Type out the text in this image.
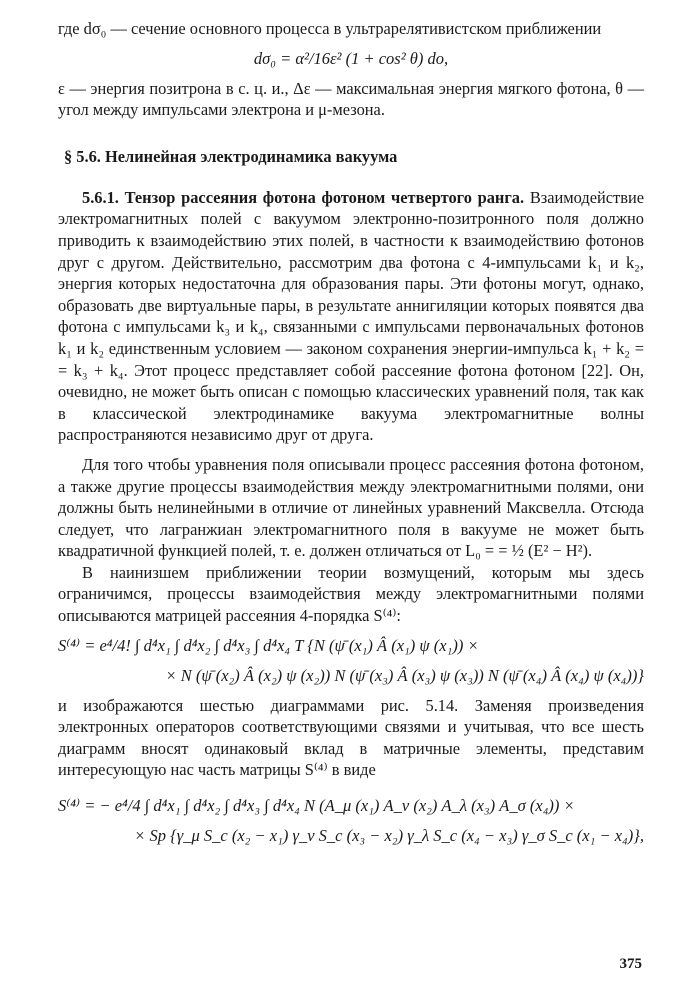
где dσ₀ — сечение основного процесса в ультрарелятивистском приближении

dσ₀ = α²/16ε² (1 + cos² θ) do,

ε — энергия позитрона в с. ц. и., Δε — максимальная энергия мягкого фотона, θ — угол между импульсами электрона и μ-мезона.

§ 5.6. Нелинейная электродинамика вакуума

5.6.1. Тензор рассеяния фотона фотоном четвертого ранга. Взаимодействие электромагнитных полей с вакуумом электронно-позитронного поля должно приводить к взаимодействию этих полей, в частности к взаимодействию фотонов друг с другом. Действительно, рассмотрим два фотона с 4-импульсами k₁ и k₂, энергия которых недостаточна для образования пары. Эти фотоны могут, однако, образовать две виртуальные пары, в результате аннигиляции которых появятся два фотона с импульсами k₃ и k₄, связанными с импульсами первоначальных фотонов k₁ и k₂ единственным условием — законом сохранения энергии-импульса k₁ + k₂ = = k₃ + k₄. Этот процесс представляет собой рассеяние фотона фотоном [22]. Он, очевидно, не может быть описан с помощью классических уравнений поля, так как в классической электродинамике вакуума электромагнитные волны распространяются независимо друг от друга.

Для того чтобы уравнения поля описывали процесс рассеяния фотона фотоном, а также другие процессы взаимодействия между электромагнитными полями, они должны быть нелинейными в отличие от линейных уравнений Максвелла. Отсюда следует, что лагранжиан электромагнитного поля в вакууме не может быть квадратичной функцией полей, т. е. должен отличаться от L₀ = = ½ (E² − H²).

В наинизшем приближении теории возмущений, которым мы здесь ограничимся, процессы взаимодействия между электромагнитными полями описываются матрицей рассеяния 4-порядка S⁽⁴⁾:

S⁽⁴⁾ = e⁴/4! ∫ d⁴x₁ ∫ d⁴x₂ ∫ d⁴x₃ ∫ d⁴x₄ T {N (ψ̄ (x₁) Â (x₁) ψ (x₁)) ×
× N (ψ̄ (x₂) Â (x₂) ψ (x₂)) N (ψ̄ (x₃) Â (x₃) ψ (x₃)) N (ψ̄ (x₄) Â (x₄) ψ (x₄))}

и изображаются шестью диаграммами рис. 5.14. Заменяя произведения электронных операторов соответствующими связями и учитывая, что все шесть диаграмм вносят одинаковый вклад в матричные элементы, представим интересующую нас часть матрицы S⁽⁴⁾ в виде

S⁽⁴⁾ = − e⁴/4 ∫ d⁴x₁ ∫ d⁴x₂ ∫ d⁴x₃ ∫ d⁴x₄ N (A_μ (x₁) A_ν (x₂) A_λ (x₃) A_σ (x₄)) ×
× Sp {γ_μ S_c (x₂ − x₁) γ_ν S_c (x₃ − x₂) γ_λ S_c (x₄ − x₃) γ_σ S_c (x₁ − x₄)},
375
